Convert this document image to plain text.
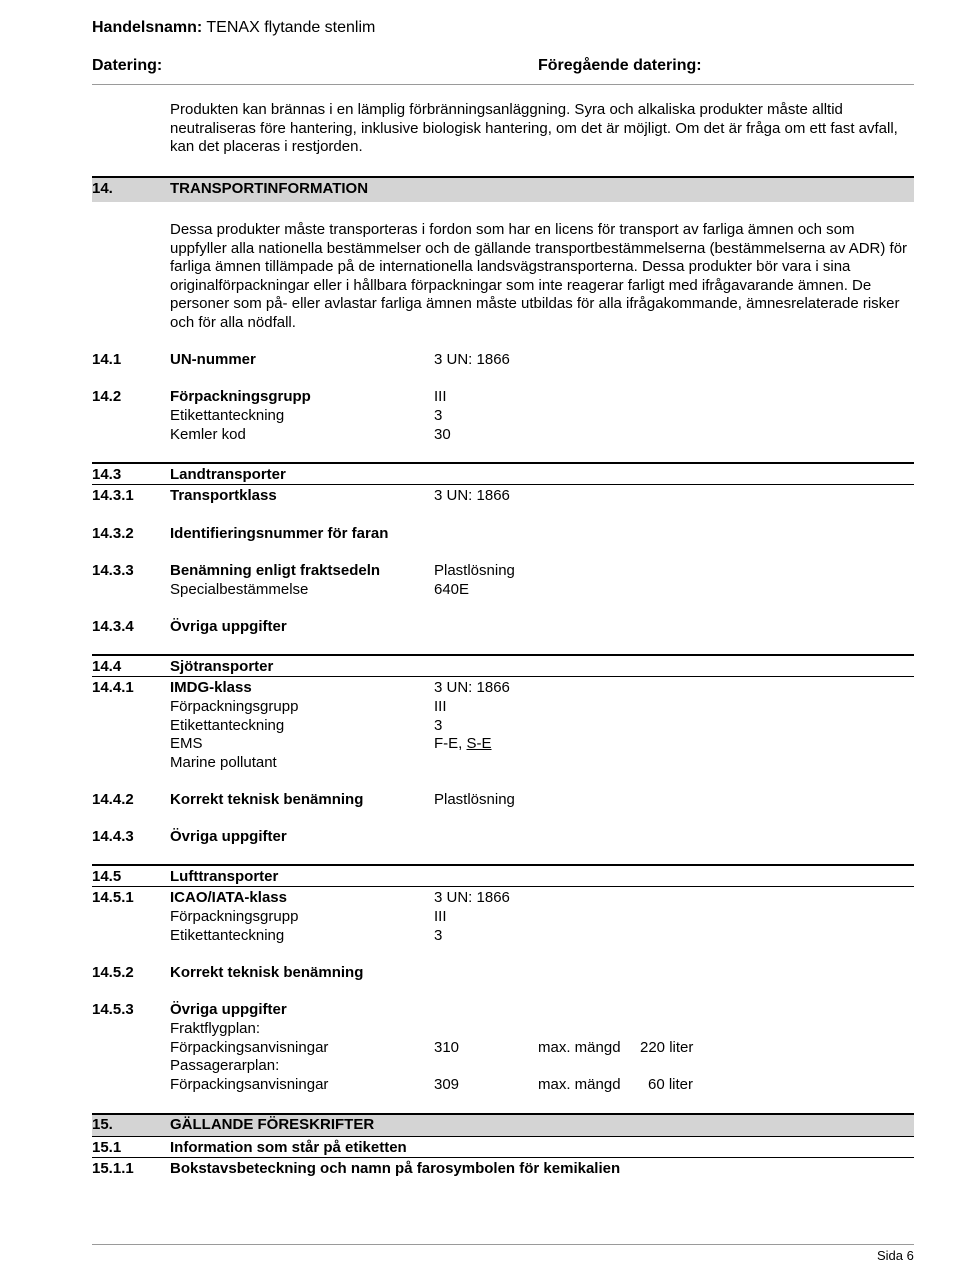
Handelsnamn: TENAX flytande stenlim
Datering:	Föregående datering:
Produkten kan brännas i en lämplig förbränningsanläggning. Syra och alkaliska produkter måste alltid neutraliseras före hantering, inklusive biologisk hantering, om det är möjligt. Om det är fråga om ett fast avfall, kan det placeras i restjorden.
14.	TRANSPORTINFORMATION
Dessa produkter måste transporteras i fordon som har en licens för transport av farliga ämnen och som uppfyller alla nationella bestämmelser och de gällande transportbestämmelserna (bestämmelserna av ADR) för farliga ämnen tillämpade på de internationella landsvägstransporterna. Dessa produkter bör vara i sina originalförpackningar eller i hållbara förpackningar som inte reagerar farligt med ifrågavarande ämnen. De personer som på- eller avlastar farliga ämnen måste utbildas för alla ifrågakommande, ämnesrelaterade risker och för alla nödfall.
14.1	UN-nummer	3 UN: 1866
14.2	Förpackningsgrupp	III
Etikettanteckning	3
Kemler kod	30
14.3	Landtransporter
14.3.1 Transportklass	3 UN: 1866
14.3.2 Identifieringsnummer för faran
14.3.3 Benämning enligt fraktsedeln	Plastlösning
Specialbestämmelse	640E
14.3.4 Övriga uppgifter
14.4	Sjötransporter
14.4.1 IMDG-klass	3 UN: 1866
Förpackningsgrupp	III
Etikettanteckning	3
EMS	F-E, S-E
Marine pollutant
14.4.2 Korrekt teknisk benämning	Plastlösning
14.4.3 Övriga uppgifter
14.5	Lufttransporter
14.5.1 ICAO/IATA-klass	3 UN: 1866
Förpackningsgrupp	III
Etikettanteckning	3
14.5.2 Korrekt teknisk benämning
14.5.3 Övriga uppgifter
Fraktflygplan:
Förpackingsanvisningar	310	max. mängd 220 liter
Passagerarplan:
Förpackingsanvisningar	309	max. mängd 60 liter
15.	GÄLLANDE FÖRESKRIFTER
15.1	Information som står på etiketten
15.1.1 Bokstavsbeteckning och namn på farosymbolen för kemikalien
Sida 6
